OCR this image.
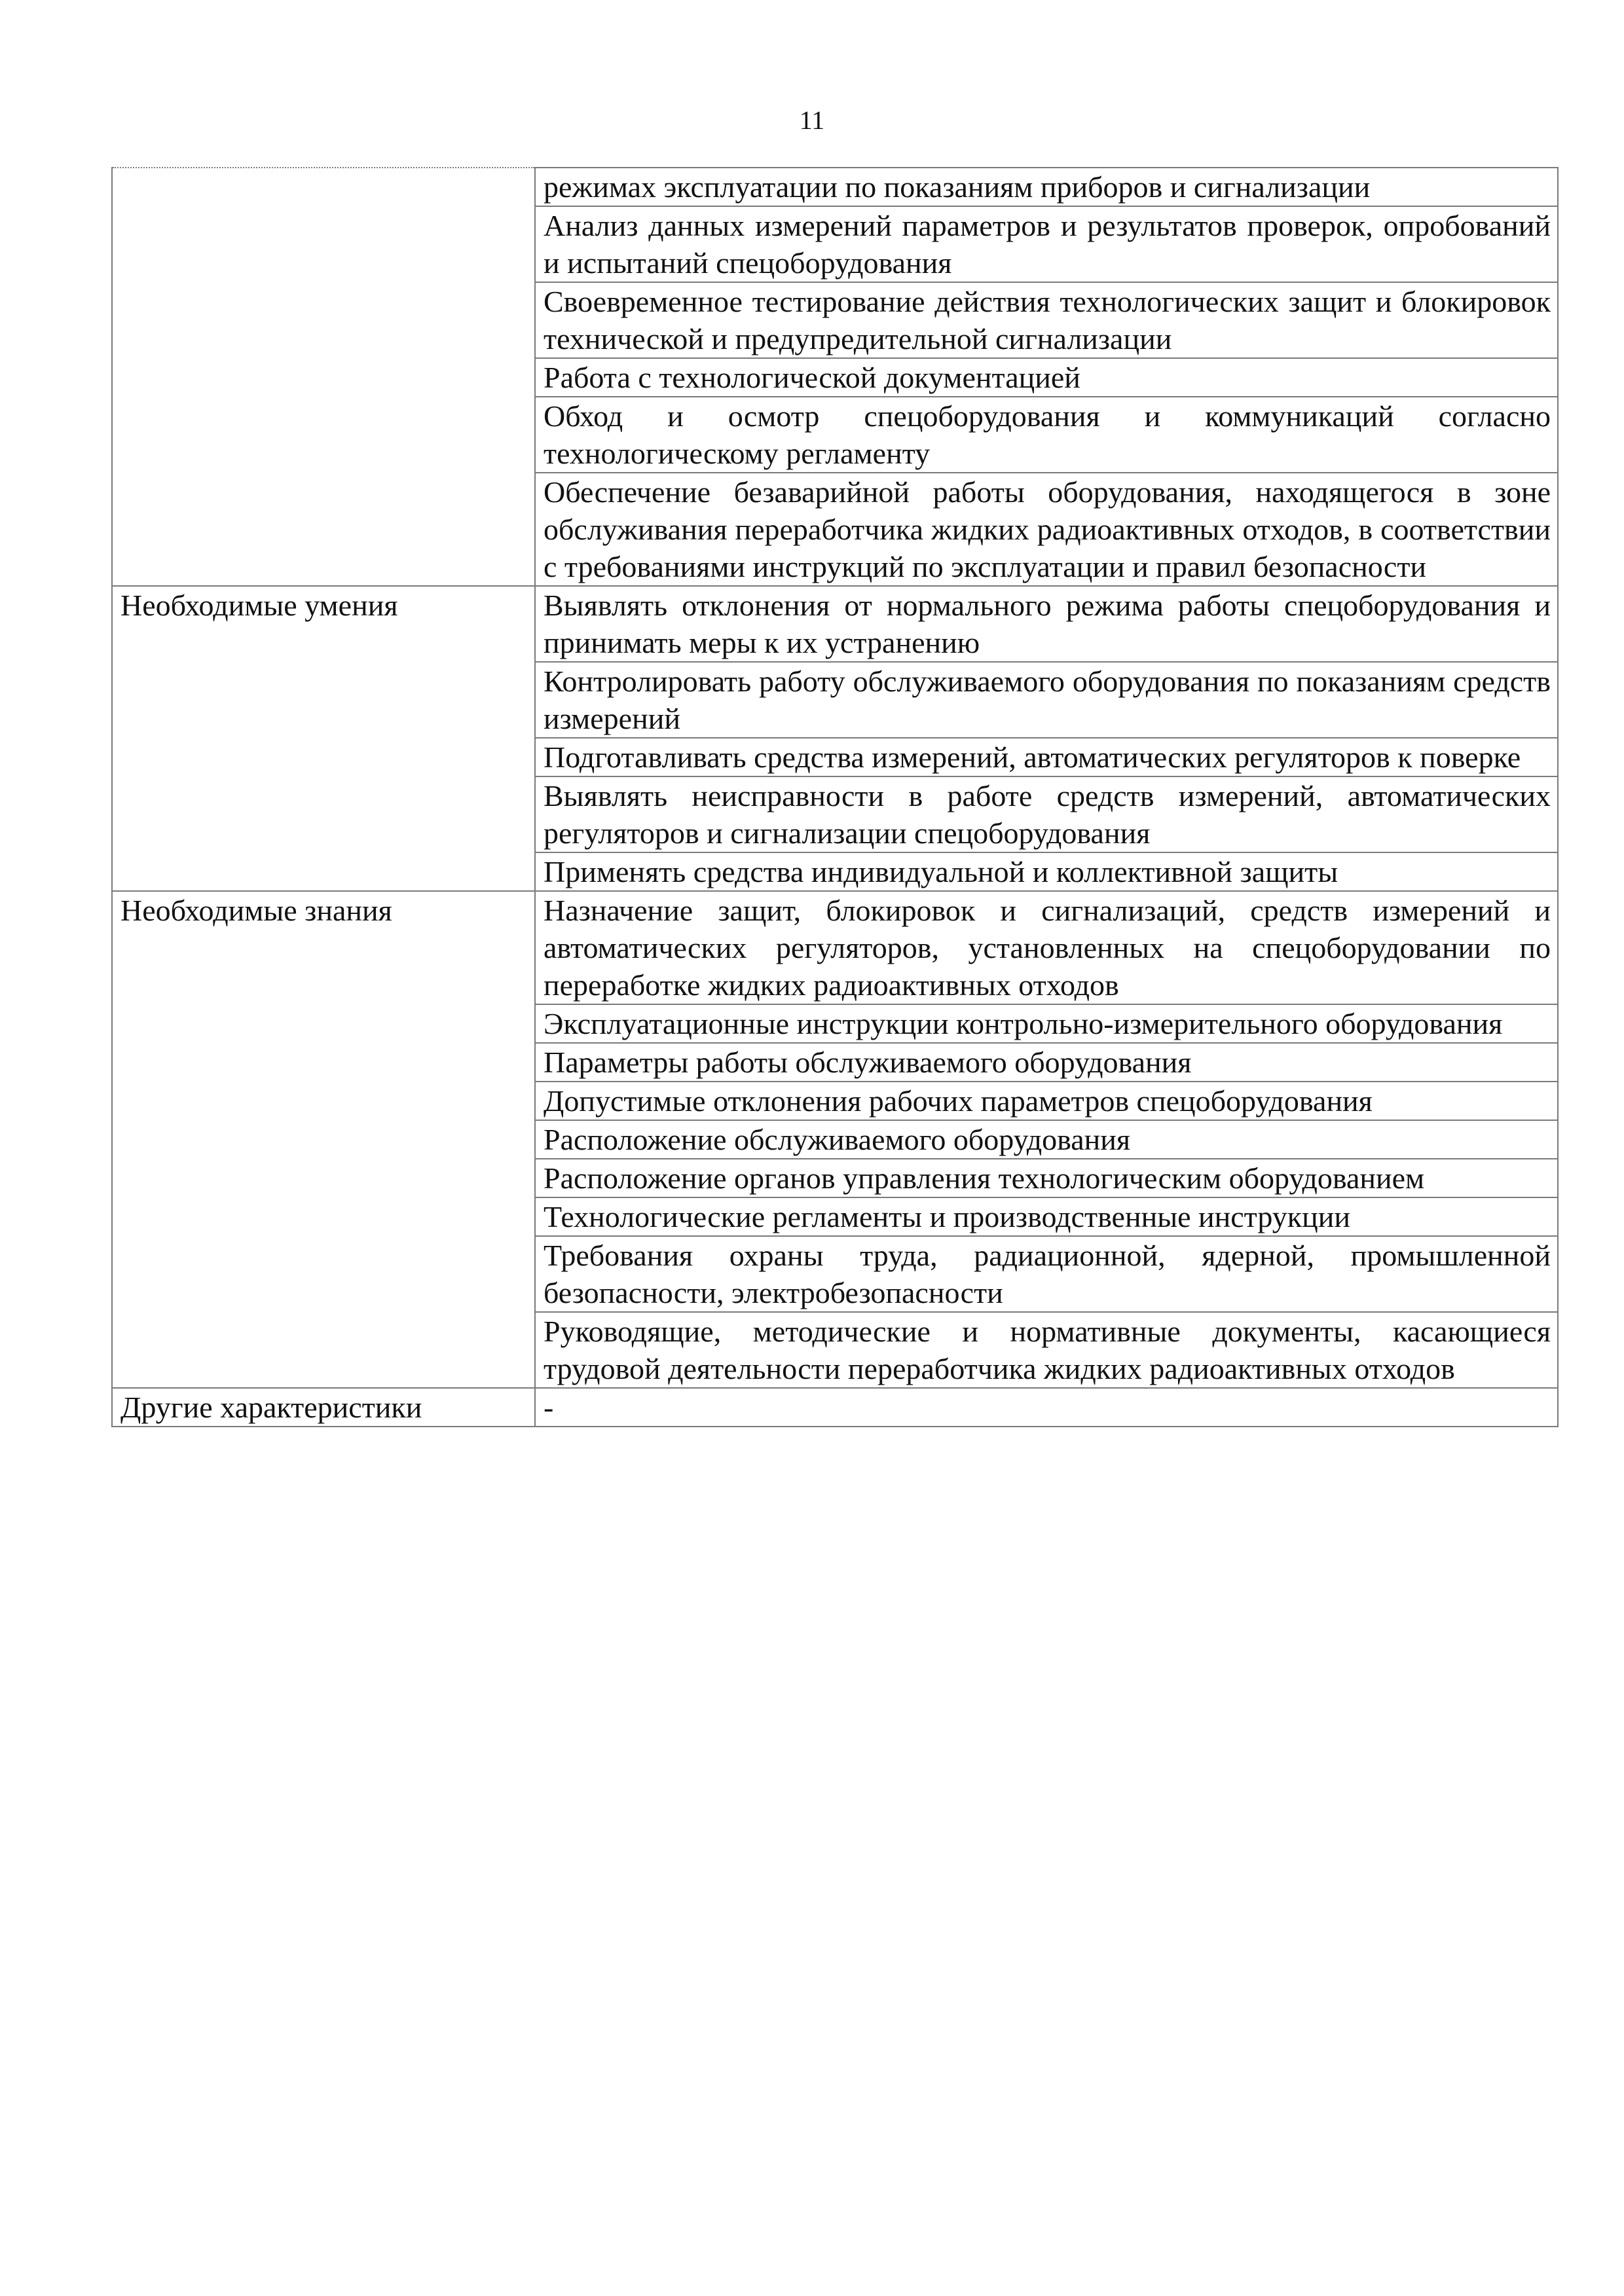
11
	режимах эксплуатации по показаниям приборов и сигнализации
	Анализ данных измерений параметров и результатов проверок, опробований и испытаний спецоборудования
	Своевременное тестирование действия технологических защит и блокировок технической и предупредительной сигнализации
	Работа с технологической документацией
	Обход и осмотр спецоборудования и коммуникаций согласно технологическому регламенту
	Обеспечение безаварийной работы оборудования, находящегося в зоне обслуживания переработчика жидких радиоактивных отходов, в соответствии с требованиями инструкций по эксплуатации и правил безопасности
Необходимые умения	Выявлять отклонения от нормального режима работы спецоборудования и принимать меры к их устранению
	Контролировать работу обслуживаемого оборудования по показаниям средств измерений
	Подготавливать средства измерений, автоматических регуляторов к поверке
	Выявлять неисправности в работе средств измерений, автоматических регуляторов и сигнализации спецоборудования
	Применять средства индивидуальной и коллективной защиты
Необходимые знания	Назначение защит, блокировок и сигнализаций, средств измерений и автоматических регуляторов, установленных на спецоборудовании по переработке жидких радиоактивных отходов
	Эксплуатационные инструкции контрольно-измерительного оборудования
	Параметры работы обслуживаемого оборудования
	Допустимые отклонения рабочих параметров спецоборудования
	Расположение обслуживаемого оборудования
	Расположение органов управления технологическим оборудованием
	Технологические регламенты и производственные инструкции
	Требования охраны труда, радиационной, ядерной, промышленной безопасности, электробезопасности
	Руководящие, методические и нормативные документы, касающиеся трудовой деятельности переработчика жидких радиоактивных отходов
Другие характеристики	-
